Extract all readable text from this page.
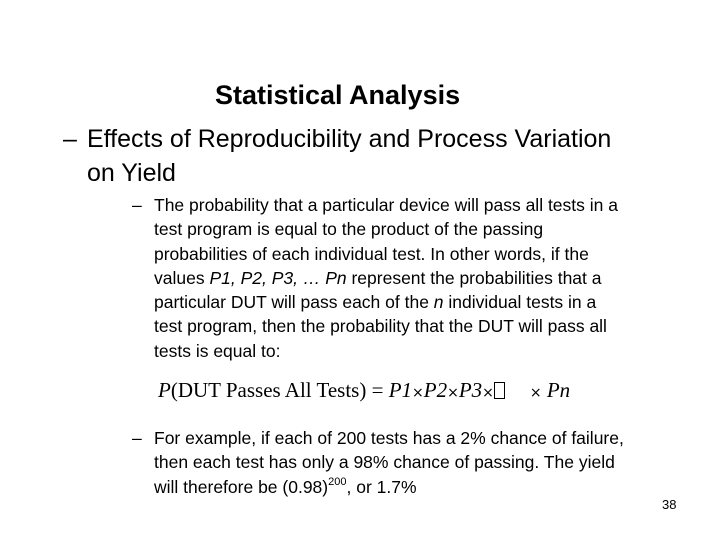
Statistical Analysis
– Effects of Reproducibility and Process Variation
on Yield
– The probability that a particular device will pass all tests in a
test program is equal to the product of the passing
probabilities of each individual test. In other words, if the
values P1, P2, P3, … Pn represent the probabilities that a
particular DUT will pass each of the n individual tests in a
test program, then the probability that the DUT will pass all
tests is equal to:
P(DUT Passes All Tests) = P1×P2×P3×	× Pn
– For example, if each of 200 tests has a 2% chance of failure,
then each test has only a 98% chance of passing. The yield
will therefore be $(0.98)^{200}$, or 1.7%
38
